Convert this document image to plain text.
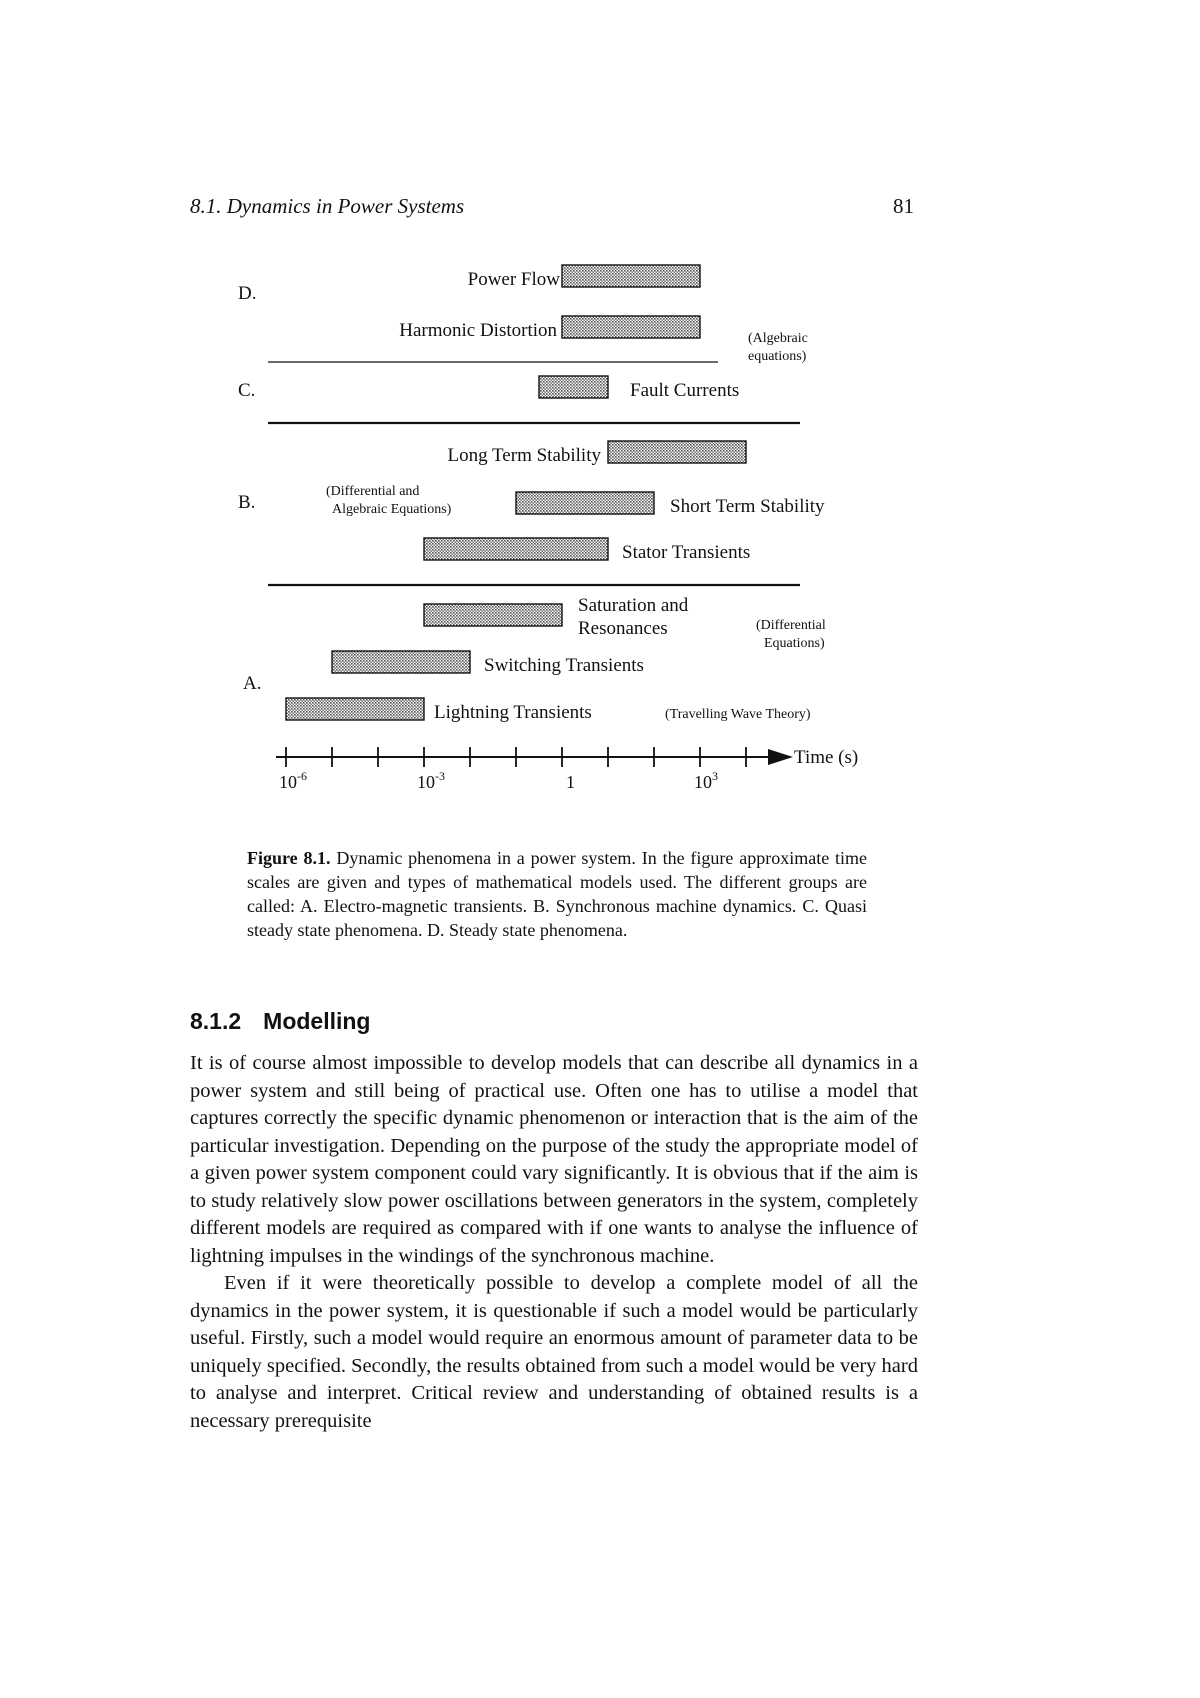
8.1. Dynamics in Power Systems	81
D.
C.
B.
A.
Power Flow
Harmonic Distortion
Fault Currents
Long Term Stability
Short Term Stability
Stator Transients
Saturation and
Resonances
Switching Transients
Lightning Transients
(Algebraic
equations)
(Differential and
Algebraic Equations)
(Differential
Equations)
(Travelling Wave Theory)
Time (s)
$10^{-6}$	$10^{-3}$	1	$10^3$
Figure 8.1. Dynamic phenomena in a power system. In the figure approximate time scales are given and types of mathematical models used. The different groups are called: A. Electro-magnetic transients. B. Synchronous machine dynamics. C. Quasi steady state phenomena. D. Steady state phenomena.
8.1.2 Modelling

It is of course almost impossible to develop models that can describe all dynamics in a power system and still being of practical use. Often one has to utilise a model that captures correctly the specific dynamic phenomenon or interaction that is the aim of the particular investigation. Depending on the purpose of the study the appropriate model of a given power system component could vary significantly. It is obvious that if the aim is to study relatively slow power oscillations between generators in the system, completely different models are required as compared with if one wants to analyse the influence of lightning impulses in the windings of the synchronous machine.

Even if it were theoretically possible to develop a complete model of all the dynamics in the power system, it is questionable if such a model would be particularly useful. Firstly, such a model would require an enormous amount of parameter data to be uniquely specified. Secondly, the results obtained from such a model would be very hard to analyse and interpret. Critical review and understanding of obtained results is a necessary prerequisite
